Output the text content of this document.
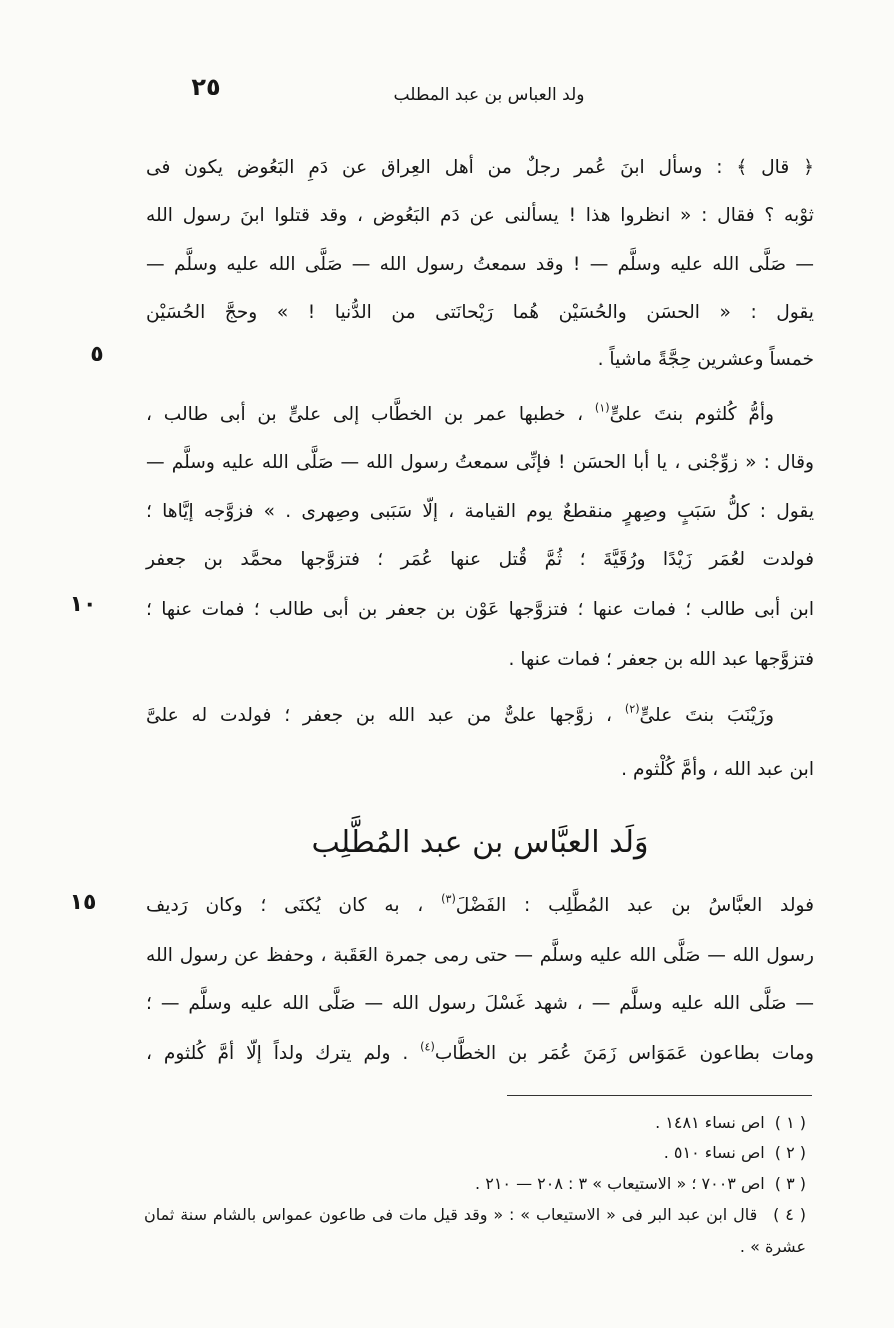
٢٥	ولد العباس بن عبد المطلب
٥
١٠
١٥
﴿ قال ﴾ : وسأل ابنَ عُمر رجلٌ من أهل العِراق عن دَمِ البَعُوض يكون فى
ثوْبه ؟ فقال : « انظروا هذا ! يسألنى عن دَم البَعُوض ، وقد قتلوا ابنَ رسول الله
— صَلَّى الله عليه وسلَّم — ! وقد سمعتُ رسول الله — صَلَّى الله عليه وسلَّم —
يقول : « الحسَن والحُسَيْن هُما رَيْحانَتى من الدُّنيا ! » وحجَّ الحُسَيْن
خمساً وعشرين حِجَّةً ماشياً .
وأمُّ كُلثوم بنتَ علىٍّ$^{(١)}$ ، خطبها عمر بن الخطَّاب إلى علىٍّ بن أبى طالب ،
وقال : « زوِّجْنى ، يا أبا الحسَن ! فإنِّى سمعتُ رسول الله — صَلَّى الله عليه وسلَّم —
يقول : كلُّ سَبَبٍ وصِهرٍ منقطعٌ يوم القيامة ، إلّا سَبَبى وصِهرى . » فزوَّجه إيَّاها ؛
فولدت لعُمَر زَيْدًا ورُقَيَّةَ ؛ ثُمَّ قُتل عنها عُمَر ؛ فتزوَّجها محمَّد بن جعفر
ابن أبى طالب ؛ فمات عنها ؛ فتزوَّجها عَوْن بن جعفر بن أبى طالب ؛ فمات عنها ؛
فتزوَّجها عبد الله بن جعفر ؛ فمات عنها .
وزَيْنَبَ بنتَ علىٍّ$^{(٢)}$ ، زوَّجها علىٌّ من عبد الله بن جعفر ؛ فولدت له علىَّ
ابن عبد الله ، وأمَّ كُلْثوم .
وَلَد العبَّاس بن عبد المُطَّلِب
فولد العبَّاسُ بن عبد المُطَّلِب : الفَضْلَ$^{(٣)}$ ، به كان يُكنَى ؛ وكان رَديف
رسول الله — صَلَّى الله عليه وسلَّم — حتى رمى جمرة العَقَبة ، وحفظ عن رسول الله
— صَلَّى الله عليه وسلَّم — ، شهد غَسْلَ رسول الله — صَلَّى الله عليه وسلَّم — ؛
ومات بطاعون عَمَوَاس زَمَنَ عُمَر بن الخطَّاب$^{(٤)}$ . ولم يترك ولداً إلّا أمَّ كُلثوم ،
( ١ )اص نساء ١٤٨١ .
( ٢ )اص نساء ٥١٠ .
( ٣ )اص ٧٠٠٣ ؛ « الاستيعاب » ٣ : ٢٠٨ — ٢١٠ .
( ٤ ) قال ابن عبد البر فى « الاستيعاب » : « وقد قيل مات فى طاعون عمواس بالشام سنة ثمان
عشرة » .
